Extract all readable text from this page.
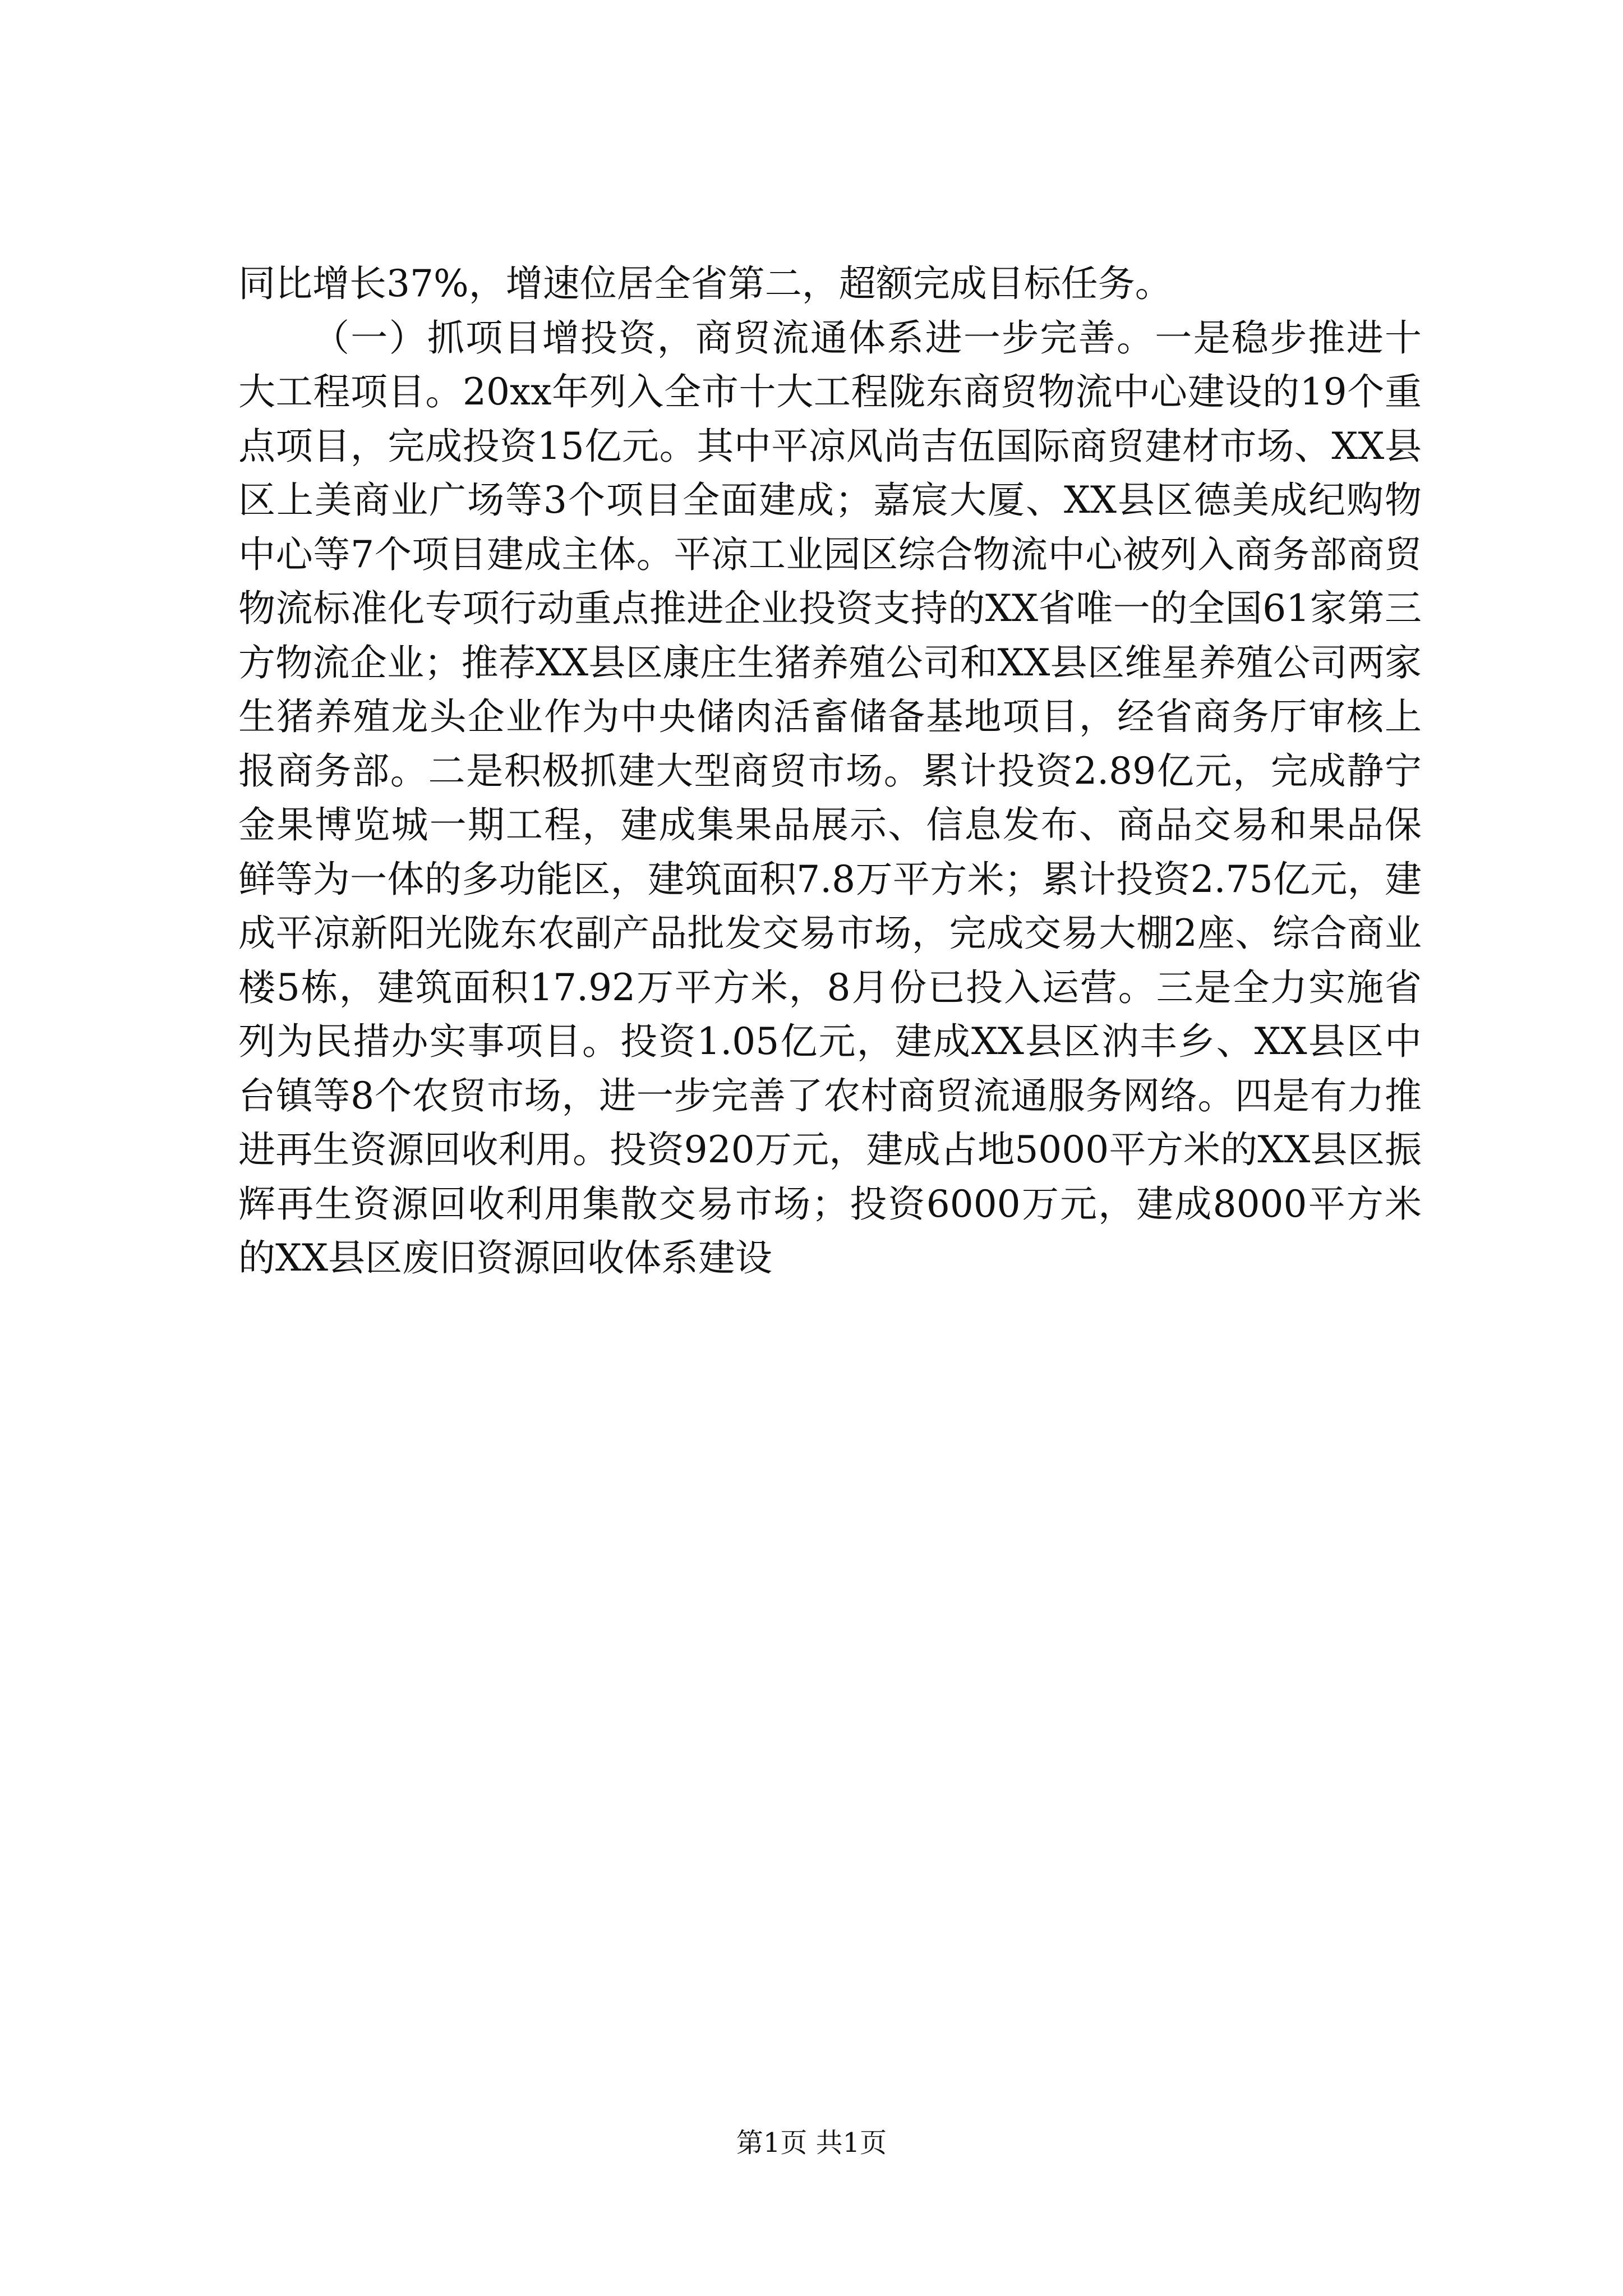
同比增长37%，增速位居全省第二，超额完成目标任务。

（一）抓项目增投资，商贸流通体系进一步完善。一是稳步推进十大工程项目。20xx年列入全市十大工程陇东商贸物流中心建设的19个重点项目，完成投资15亿元。其中平凉风尚吉伍国际商贸建材市场、XX县区上美商业广场等3个项目全面建成；嘉宸大厦、XX县区德美成纪购物中心等7个项目建成主体。平凉工业园区综合物流中心被列入商务部商贸物流标准化专项行动重点推进企业投资支持的XX省唯一的全国61家第三方物流企业；推荐XX县区康庄生猪养殖公司和XX县区维星养殖公司两家生猪养殖龙头企业作为中央储肉活畜储备基地项目，经省商务厅审核上报商务部。二是积极抓建大型商贸市场。累计投资2.89亿元，完成静宁金果博览城一期工程，建成集果品展示、信息发布、商品交易和果品保鲜等为一体的多功能区，建筑面积7.8万平方米；累计投资2.75亿元，建成平凉新阳光陇东农副产品批发交易市场，完成交易大棚2座、综合商业楼5栋，建筑面积17.92万平方米，8月份已投入运营。三是全力实施省列为民措办实事项目。投资1.05亿元，建成XX县区汭丰乡、XX县区中台镇等8个农贸市场，进一步完善了农村商贸流通服务网络。四是有力推进再生资源回收利用。投资920万元，建成占地5000平方米的XX县区振辉再生资源回收利用集散交易市场；投资6000万元，建成8000平方米的XX县区废旧资源回收体系建设

第1页 共1页
